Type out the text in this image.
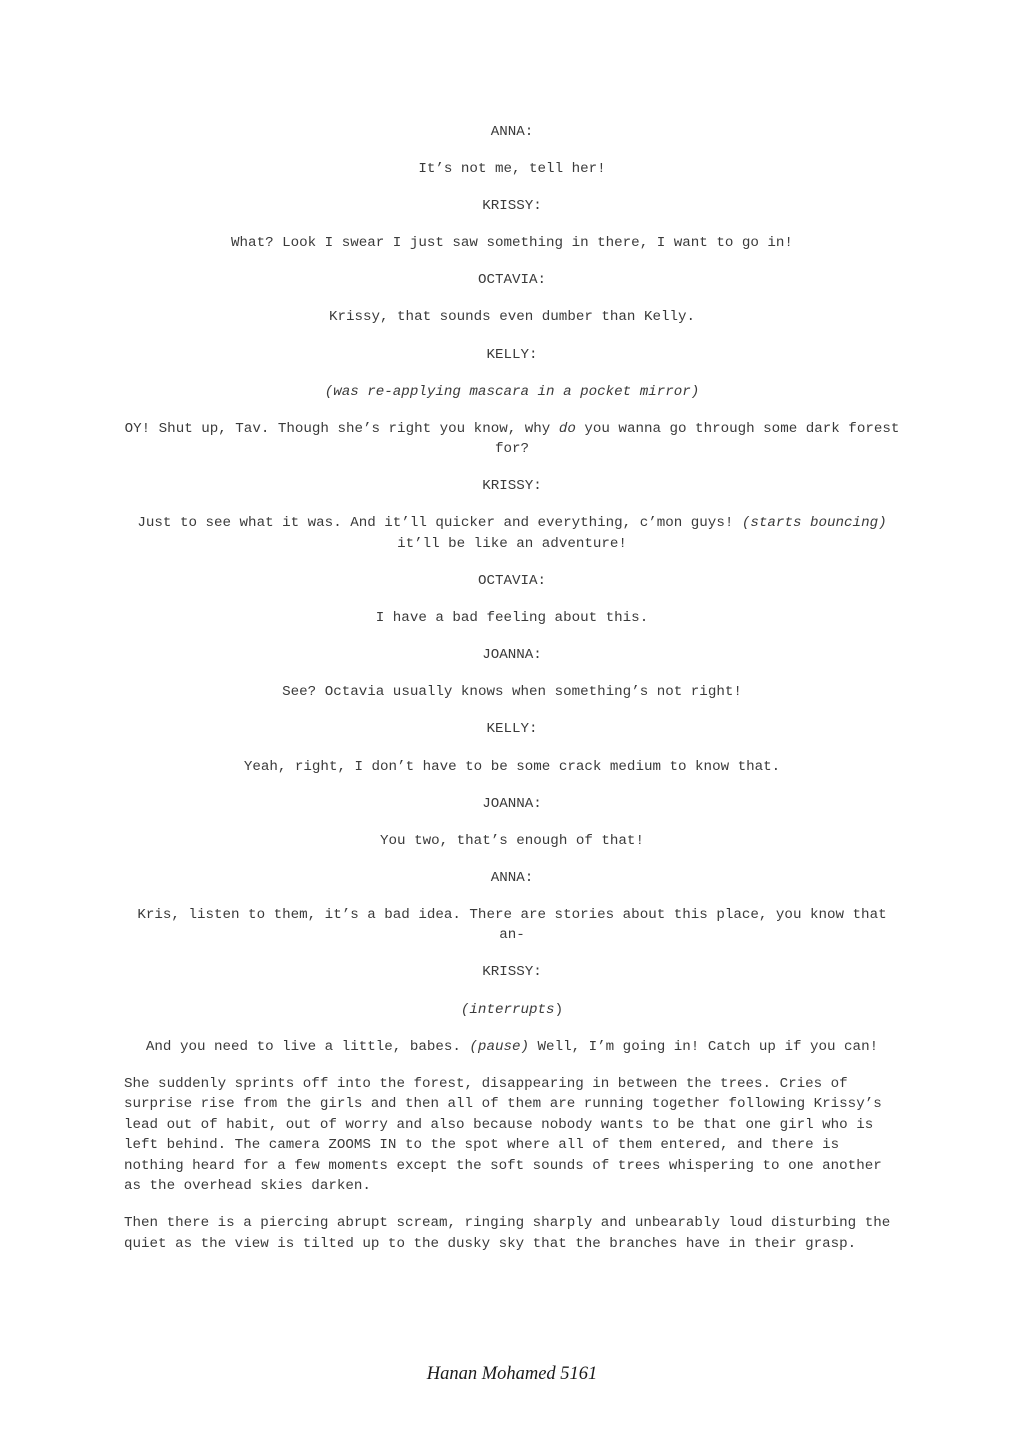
ANNA:
It’s not me, tell her!
KRISSY:
What? Look I swear I just saw something in there, I want to go in!
OCTAVIA:
Krissy, that sounds even dumber than Kelly.
KELLY:
(was re-applying mascara in a pocket mirror)
OY! Shut up, Tav. Though she’s right you know, why do you wanna go through some dark forest for?
KRISSY:
Just to see what it was. And it’ll quicker and everything, c’mon guys! (starts bouncing) it’ll be like an adventure!
OCTAVIA:
I have a bad feeling about this.
JOANNA:
See? Octavia usually knows when something’s not right!
KELLY:
Yeah, right, I don’t have to be some crack medium to know that.
JOANNA:
You two, that’s enough of that!
ANNA:
Kris, listen to them, it’s a bad idea. There are stories about this place, you know that an-
KRISSY:
(interrupts)
And you need to live a little, babes. (pause) Well, I’m going in! Catch up if you can!
She suddenly sprints off into the forest, disappearing in between the trees. Cries of surprise rise from the girls and then all of them are running together following Krissy’s lead out of habit, out of worry and also because nobody wants to be that one girl who is left behind. The camera ZOOMS IN to the spot where all of them entered, and there is nothing heard for a few moments except the soft sounds of trees whispering to one another as the overhead skies darken.
Then there is a piercing abrupt scream, ringing sharply and unbearably loud disturbing the quiet as the view is tilted up to the dusky sky that the branches have in their grasp.
Hanan Mohamed 5161
